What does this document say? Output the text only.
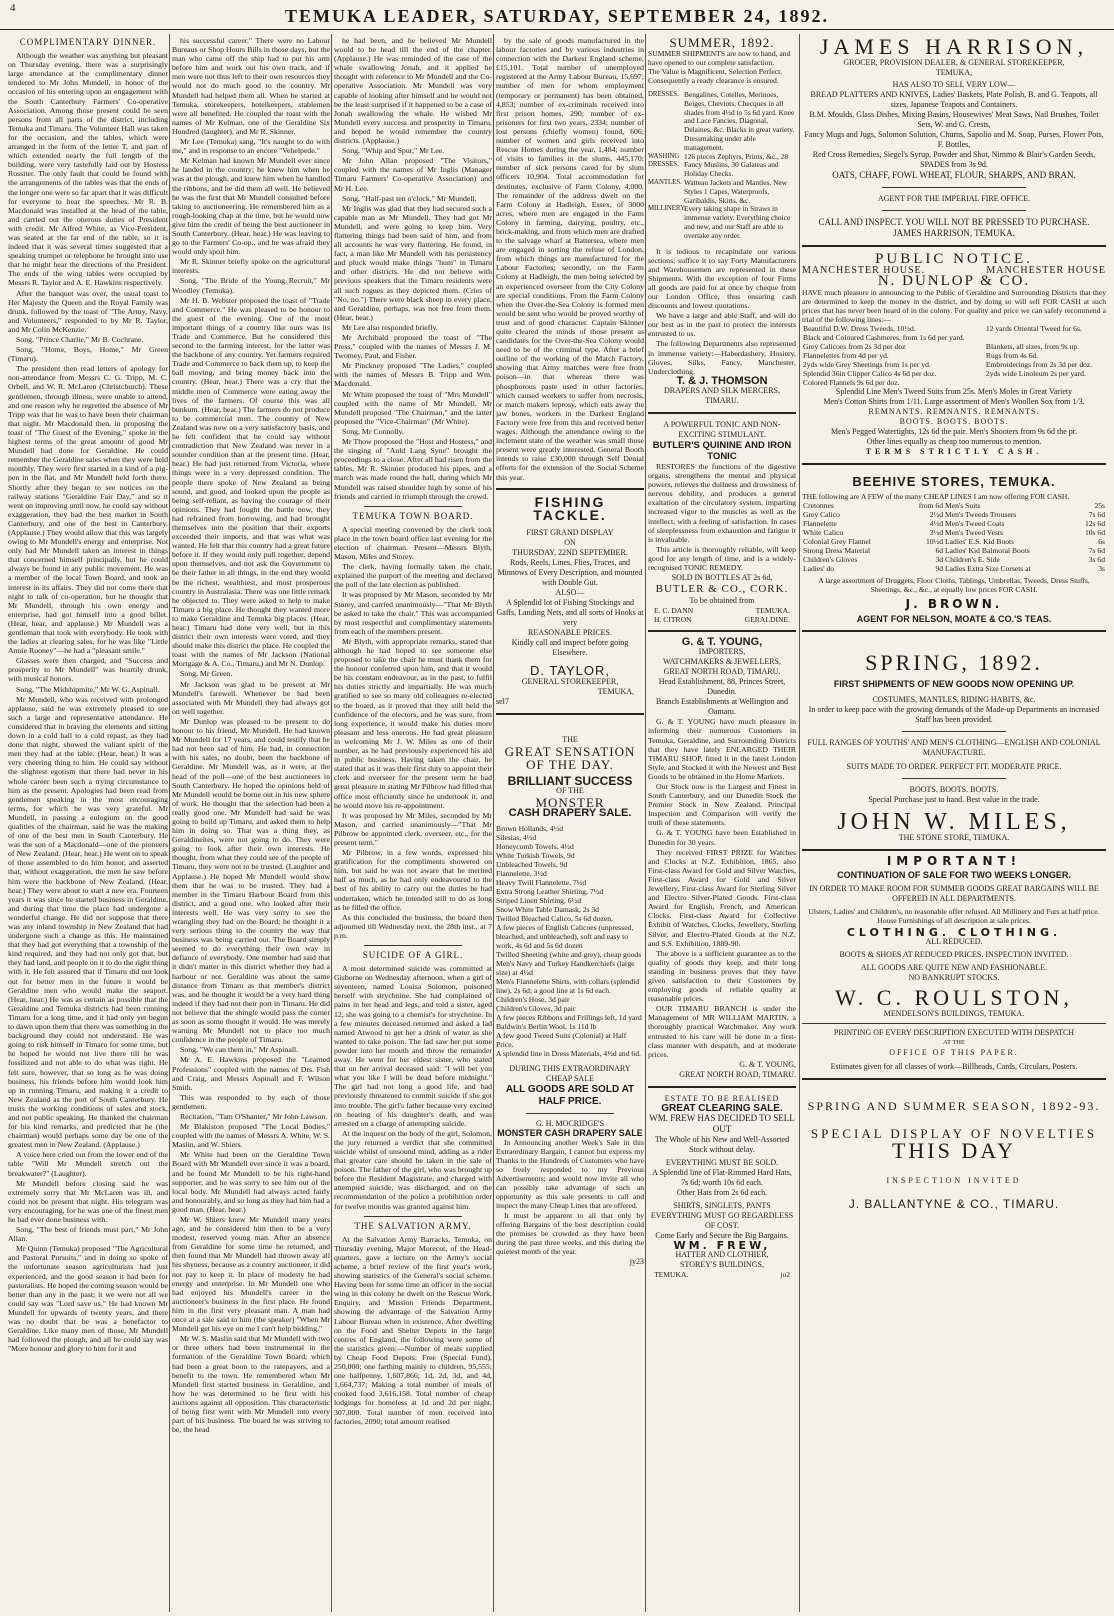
4	TEMUKA LEADER, SATURDAY, SEPTEMBER 24, 1892.
COMPLIMENTARY DINNER.

Although the weather was anything but pleasant on Thursday evening, there was a surprisingly large attendance at the complimentary dinner tendered to Mr John Mundell, in honor of the occasion of his entering upon an engagement with the South Canterbury Farmers' Co-operative Association. Among those present could be seen persons from all parts of the district, including Temuka and Timaru. The Volunteer Hall was taken for the occasion, and the tables, which were arranged in the form of the letter T, and part of which extended nearly the full length of the building, were very tastefully laid out by Hostess Rossiter. The only fault that could be found with the arrangements of the tables was that the ends of the longer one were so far apart that it was difficult for everyone to hear the speeches. Mr R. B. Macdonald was installed at the head of the table, and carried out the onerous duties of President with credit. Mr Alfred White, as Vice-President, was seated at the far end of the table, so it is indeed that it was several times suggested that a speaking trumpet or telephone be brought into use that he might hear the directions of the President. The ends of the wing tables were occupied by Messrs R. Taylor and A. E. Hawkins respectively.

After the banquet was over, the usual toast to Her Majesty the Queen and the Royal Family was drunk, followed by the toast of "The Army, Navy, and Volunteers," responded to by Mr R. Taylor, and Mr Colin McKenzie.

Song, "Prince Charlie," Mr B. Cochrane.

Song, "Home, Boys, Home," Mr Green (Timaru).

The president then read letters of apology for non-attendance from Messrs C. G. Tripp, M. C. Orbell, and W. R. McLaren (Christchurch). These gentlemen, through illness, were unable to attend, and one reason why he regretted the absence of Mr Tripp was that he was to have been their chairman that night. Mr Macdonald then, in proposing the toast of "The Guest of the Evening," spoke in the highest terms of the great amount of good Mr Mundell had done for Geraldine. He could remember the Geraldine sales when they were held monthly. They were first started in a kind of a pig-pen in the flat, and Mr Mundell held forth there. Shortly after they began to see notices on the railway stations "Geraldine Fair Day," and so it went on improving until now, he could say without exaggeration, they had the best market in South Canterbury, and one of the best in Canterbury. (Applause.) They would allow that this was largely owing to Mr Mundell's energy and enterprise. Not only had Mr Mundell taken an interest in things that concerned himself principally, but he could always be found in any public movement. He was a member of the local Town Board, and took an interest in its affairs. They did not come there that night to talk of co-operation, but he thought that Mr Mundell, through his own energy and enterprise, had got himself into a good billet. (Hear, hear, and applause.) Mr Mundell was a gentleman that took with everybody. He took with the ladies at clearing sales, for he was like "Little Annie Rooney"—he had a "pleasant smile."

Glasses were then charged, and "Success and prosperity to Mr Mundell" was heartily drunk, with musical honors.

Song, "The Midshipmite," Mr W. G. Aspinall.

Mr Mundell, who was received with prolonged applause, said he was extremely pleased to see such a large and representative attendance. He considered that in braving the elements and sitting down in a cold hall to a cold repast, as they had done that night, showed the valiant spirit of the men they had at the table. (Hear, hear.) It was a very cheering thing to him. He could say without the slightest egotism that there had never in his whole career been such a trying circumstance to him as the present. Apologies had been read from gentlemen speaking in the most encouraging terms, for which he was very grateful. Mr Mundell, in passing a eulogium on the good qualities of the chairman, said he was the making of one of the best men in South Canterbury. He was the son of a Macdonald—one of the pioneers of New Zealand. (Hear, hear.) He went on to speak of those assembled to do him honor, and asserted that, without exaggeration, the men he saw before him were the backbone of New Zealand. (Hear, hear.) They were about to start a new era. Fourteen years it was since he started business in Geraldine, and during that time the place had undergone a wonderful change. He did not suppose that there was any inland township in New Zealand that had undergone such a change as this. He maintained that they had got everything that a township of the kind required, and they had not only got that, but they had land, and people on it to do the right thing with it. He felt assured that if Timaru did not look out for better men in the future it would be Geraldine men who would make the seaport. (Hear, hear.) He was as certain as possible that the Geraldine and Temuka districts had been running Timaru for a long time, and it had only yet begun to dawn upon them that there was something in the background they could not understand. He was going to risk himself in Timaru for some time, but he hoped he would not live there till he was fossilized and not able to do what was right. He felt sure, however, that so long as he was doing business, his friends before him would look him up in running Timaru, and making it a credit to New Zealand as the port of South Canterbury. He trusts the working conditions of sales and stock, and not public speaking. He thanked the chairman for his kind remarks, and predicted that he (the chairman) would perhaps some day be one of the greatest men in New Zealand. (Applause.)

A voice here cried out from the lower end of the table "Will Mr Mundell stretch out the breakwater?" (Laughter).

Mr Mundell before closing said he was extremely sorry that Mr McLaren was ill, and could not be present that night. His telegram was very encouraging, for he was one of the finest men he had ever done business with.

Song, "The best of friends must part," Mr John Allan.

Mr Quinn (Temuka) proposed "The Agricultural and Pastoral Pursuits," and in doing so spoke of the unfortunate season agriculturists had just experienced, and the good season it had been for pastoralists. He hoped the coming season would be better than any in the past; it we were not all we could say was "Lord save us." He had known Mr Mundell for upwards of twenty years, and there was no doubt that he was a benefactor to Geraldine. Like many men of those, Mr Mundell had followed the plough, and all he could say was "More honour and glory to him for it and

his successful career." There were no Labour Bureaus or Shop Hours Bills in those days, but the man who came off the ship had to put his arm before him and work out his own track, and if men were not thus left to their own resources they would not do much good to the country. Mr Mundell had helped them all. When he started at Temuka, storekeepers, hotelkeepers, stablemen were all benefited. He coupled the toast with the names of Mr Kelman, one of the Geraldine Six Hundred (laughter), and Mr R. Skinner.

Mr Lee (Temuka) sang, "It's naught to do with me," and in response to an encore "Vehelpede."

Mr Kelman had known Mr Mundell ever since he landed in the country; he knew him when he was at the plough, and knew him when he handled the ribbons, and he did them all well. He believed he was the first that Mr Mundell consulted before taking to auctioneering. He remembered him as a rough-looking chap at the time, but he would now give him the credit of being the best auctioneer in South Canterbury. (Hear, hear.) He was leaving to go to the Farmers' Co-op., and he was afraid they would only spoil him.

Mr R. Skinner briefly spoke on the agricultural interests.

Song, "The Bride of the Young Recruit," Mr Woodley (Temuka).

Mr H. B. Webster proposed the toast of "Trade and Commerce." He was pleased to be honour to the guest of the evening. One of the most important things of a country like ours was its Trade and Commerce. But he considered this second to the farming interest, for the latter was the backbone of any country. Yet farmers required Trade and Commerce to back them up, to keep the ball moving, and bring money back into the country. (Hear, hear.) There was a cry that the middle men of Commerce were eating away the lives of the farmers. Of course this was all bunkum. (Hear, hear.) The farmers do not produce to be commercial men. The country of New Zealand was now on a very satisfactory basis, and he felt confident that he could say without contradiction that New Zealand was never in a sounder condition than at the present time. (Hear, hear.) He had just returned from Victoria, where things were in a very depressed condition. The people there spoke of New Zealand as being sound, and good, and looked upon the people as being self-reliant, as having the courage of their opinions. They had fought the battle now, they had refrained from borrowing, and had brought themselves into the position that their exports exceeded their imports, and that was what was wanted. He felt that this country had a great future before it. If they would only pull together, depend upon themselves, and not ask the Government to be their father in all things, in the end they would be the richest, wealthiest, and most prosperous country in Australasia. There was one little remark he objected to. They were asked to help to make Timaru a big place. He thought they wanted more to make Geraldine and Temuka big places. (Hear, hear.) Timaru had done very well, but in this district their own interests were voted, and they should make this district the place. He coupled the toast with the names of Mr Jackson (National Mortgage & A. Co., Timaru,) and Mr N. Dunlop.

Song, Mr Green.

Mr Jackson was glad to be present at Mr Mundell's farewell. Whenever he had been associated with Mr Mundell they had always got on well together.

Mr Dunlop was pleased to be present to do honour to his friend, Mr Mundell. He had known Mr Mundell for 17 years, and could testify that he had not been sad of him. He had, in connection with his sales, no doubt, been the backbone of Geraldine. Mr Mundell was, as it were, at the head of the poll—one of the best auctioneers in South Canterbury. He hoped the opinions held of Mr Mundell would be borne out in his new sphere of work. He thought that the selection had been a really good one. Mr Mundell had said he was going to build up Timaru, and asked them to help him in doing so. That was a thing they, as Geraldineites, were not going to do. They were going to look after their own interests. He thought, from what they could see of the people of Timaru, they were not to be trusted. (Laughter and Applause.) He hoped Mr Mundell would show them that he was to be trusted. They had a member in the Timaru Harbour Board from this district, and a good one, who looked after their interests well. He was very sorry to see the wrangling they had on the Board; he thought it a very serious thing to the country the way that business was being carried out. The Board simply seemed to do everything their own way in defiance of everybody. One member had said that it didn't matter in this district whether they had a harbour or not. Geraldine was about the same distance from Timaru as that member's district was, and he thought it would be a very hard thing indeed if they had not their port in Timaru. He did not believe that the shingle would pass the corner as soon as some thought it would. He was merely warning Mr Mundell not to place too much confidence in the people of Timaru.

Song, "We can them in," Mr Aspinall.

Mr A. E. Hawkins proposed the "Learned Professions" coupled with the names of Drs. Fish and Craig, and Messrs Aspinall and F. Wilson Smith.

This was responded to by each of those gentlemen.

Recitation, "Tam O'Shanter," Mr John Lawson.

Mr Blakiston proposed "The Local Bodies," coupled with the names of Messrs A. White, W. S. Maslin, and W. Shiers.

Mr White had been on the Geraldine Town Board with Mr Mundell ever since it was a board, and he found Mr Mundell to be his right-hand supporter, and he was sorry to see him out of the local body. Mr Mundell had always acted fairly and honourably, and so long as they had him had a good man. (Hear, hear.)

Mr W. Shiers knew Mr Mundell many years ago, and he considered him then to be a very modest, reserved young man. After an absence from Geraldine for some time he returned, and then found that Mr Mundell had thrown away all his shyness, because as a country auctioneer, it did not pay to keep it. In place of modesty he had energy and enterprise. In Mr Mundell one who had enjoyed his Mundell's career in the auctioneer's business in the first place. He found him in the first very pleasant man. A man had once at a sale said to him (the speaker) "When Mr Mundell get his eye on me I can't help bidding."

Mr W. S. Maslin said that Mr Mundell with two or three others had been instrumental in the formation of the Geraldine Town Board, which had been a great boon to the ratepayers, and a benefit to the town. He remembered when Mr Mundell first started business in Geraldine, and how he was determined to be first with his auctions against all opposition. This characteristic of being first went with Mr Mundell into every part of his business. The board he was striving to be, the head

he had been, and he believed Mr Mundell would to be head till the end of the chapter. (Applause.) He was reminded of the case of the whale swallowing Jonah, and it applied he thought with reference to Mr Mundell and the Co-operative Association. Mr Mundell was very capable of looking after himself and he would not be the least surprised if it happened to be a case of Jonah swallowing the whale. He wished Mr Mundell every success and prosperity in Timaru, and hoped he would remember the country districts. (Applause.)

Song, "Whip and Spur," Mr Lee.

Mr John Allan proposed "The Visitors," coupled with the names of Mr Inglis (Manager Timaru Farmers' Co-operative Association) and Mr H. Lee.

Song, "Half-past ten o'clock," Mr Mundell.

Mr Inglis was glad that they had secured such a capable man as Mr Mundell. They had got Mr Mundell, and were going to keep him. Very flattering things had been said of him, and from all accounts he was very flattering. He found, in fact, a man like Mr Mundell with his persistency and pluck would make things "hum" in Timaru and other districts. He did not believe with previous speakers that the Timaru residents were all such rogues as they depicted them. (Cries of "No, no.") There were black sheep in every place, and Geraldine, perhaps, was not free from them. (Hear, hear.)

Mr Lee also responded briefly.

Mr Archibald proposed the toast of "The Press," coupled with the names of Messrs J. M. Twomey, Paul, and Fisher.

Mr Pinckney proposed "The Ladies," coupled with the names of Messrs B. Tripp and Wm. Macdonald.

Mr White proposed the toast of "Mrs Mundell" coupled with the name of Mr Mundell. Mr Mundell proposed "The Chairman," and the latter proposed the "Vice-Chairman" (Mr White).

Song, Mr Connolly.

Mr Thow proposed the "Host and Hostess," and the singing of "Auld Lang Syne" brought the proceedings to a close. After all had risen from the tables, Mr R. Skinner produced his pipes, and a march was made round the hall, during which Mr Mundell was raised shoulder high by some of his friends and carried in triumph through the crowd.

TEMUKA TOWN BOARD.

A special meeting convened by the clerk took place in the town board office last evening for the election of chairman. Present—Messrs Blyth, Mason, Miles and Storey.

The clerk, having formally taken the chair, explained the purport of the meeting and declared the poll of the late election as published.

It was proposed by Mr Mason, seconded by Mr Storey, and carried unanimously—"That Mr Blyth be asked to take the chair." This was accompanied by most respectful and complimentary statements from each of the members present.

Mr Blyth, with appropriate remarks, stated that although he had hoped to see someone else proposed to take the chair he must thank them for the honour conferred upon him, and that it would be his constant endeavour, as in the past, to fulfil his duties strictly and impartially. He was much gratified to see so many old colleagues re-elected to the board, as it proved that they still held the confidence of the electors, and he was sure, from long experience, it would make his duties more pleasant and less onerous. He had great pleasure in welcoming Mr J. W. Miles as one of their number, as he had previously experienced his aid in public business. Having taken the chair, he stated that as it was their first duty to appoint their clerk and overseer for the present term he had great pleasure in stating Mr Pilbrow had filled that office most efficiently since he undertook it, and he would move his re-appointment.

It was proposed by Mr Miles, seconded by Mr Mason, and carried unanimously—"That Mr Pilbrow be appointed clerk, overseer, etc., for the present term."

Mr Pilbrow, in a few words, expressed his gratification for the compliments showered on him, but said he was not aware that he merited half as much, as he had only endeavoured to the best of his ability to carry out the duties he had undertaken, which he intended still to do as long as he filled the office.

As this concluded the business, the board then adjourned till Wednesday next, the 28th inst., at 7 p.m.

SUICIDE OF A GIRL.

A most determined suicide was committed at Gisborne on Wednesday afternoon, when a girl of seventeen, named Louisa Solomon, poisoned herself with strychnine. She had complained of pains in her head and legs, and told a sister, aged 12, she was going to a chemist's for strychnine. In a few minutes deceased returned and asked a lad named Atwood to get her a drink of water as she wanted to take poison. The lad saw her put some powder into her mouth and throw the remainder away. He went for her eldest sister, who stated that on her arrival deceased said: "I will bet you what you like I will be dead before midnight." The girl had not long a good life, and had previously threatened to commit suicide if she got into trouble. The girl's father because very excited on hearing of his daughter's death, and was arrested on a charge of attempting suicide.

At the inquest on the body of the girl, Solomon, the jury returned a verdict that she committed suicide whilst of unsound mind, adding as a rider that greater care should be taken in the sale of poison. The father of the girl, who was brought up before the Resident Magistrate, and charged with attempted suicide, was discharged, and on the recommendation of the police a prohibition order for twelve months was granted against him.

THE SALVATION ARMY.

At the Salvation Army Barracks, Temuka, on Thursday evening, Major Morecot, of the Head-quarters, gave a lecture on the Army's social scheme, a brief review of the first year's work, showing statistics of the General's social scheme. Having been for some time an officer in the social wing in this colony he dwelt on the Rescue Work, Enquiry, and Mission Friends Department, showing the advantage of the Salvation Army Labour Bureau when in existence. After dwelling on the Food and Shelter Depots in the large centres of England, the following were some of the statistics given:—Number of meals supplied by Cheap Food Depots: Free (Special Fund), 250,000; one farthing mainly to children, 95,555; one halfpenny, 1,607,866; 1d, 2d, 3d, and 4d, 1,664,737; Making a total number of meals of cooked food 3,616,158. Total number of cheap lodgings for homeless at 1d and 2d per night, 307,000. Total number of men received into factories, 2090; total amount realised

by the sale of goods manufactured in the labour factories and by various industries in connection with the Darkest England scheme, £15,101. Total number of unemployed registered at the Army Labour Bureau, 15,697; number of men for whom employment (temporary or permanent) has been obtained, 4,853; number of ex-criminals received into first prison homes, 290; number of ex-prisoners for first two years, 2334; number of lost persons (chiefly women) found, 606; number of women and girls received into Rescue Homes during the year, 1,484; number of visits to families in the slums, 445,170; number of sick persons cared for by slum officers 10,904. Total accommodation for destitutes, exclusive of Farm Colony, 4,000. The remainder of the address dwelt on the Farm Colony at Hadleigh, Essex, of 3000 acres, where men are engaged in the Farm Colony in farming, dairying, poultry, etc., brick-making, and from which men are drafted to the salvage wharf at Battersea, where men are engaged in sorting the refuse of London, from which things are manufactured for the Labour Factories; secondly, on the Farm Colony at Hadleigh, the men being selected by an experienced overseer from the City Colony are special conditions. From the Farm Colony when the Over-the-Sea Colony is formed men would be sent who would be proved worthy of trust and of good character. Captain Skinner quite cleared the minds of those present as candidates for the Over-the-Sea Colony would need to be of the criminal type. After a brief outline of the working of the Match Factory, showing that Army matches were free from poison—in that whereas there was phosphorous paste used in other factories, which caused workers to suffer from necrosis, or match makers leprosy, which eats away the jaw bones, workers in the Darkest England Factory were free from this and received better wages. Although the attendance owing to the inclement state of the weather was small those present were greatly interested. General Booth intends to raise £30,000 through Self Denial efforts for the extension of the Social Scheme this year.

FISHING TACKLE.
FIRST GRAND DISPLAY
ON
THURSDAY, 22ND SEPTEMBER.
Rods, Reels, Lines, Flies, Traces, and Minnows of Every Description, and mounted with Double Gut.
ALSO—
A Splendid lot of Fishing Stockings and Gaffs, Landing Nets, and all sorts of Hooks at very
REASONABLE PRICES.
Kindly call and inspect before going Elsewhere.
D. TAYLOR,
GENERAL STOREKEEPER,
TEMUKA,
sel7
THE
GREAT SENSATION
OF THE DAY.
BRILLIANT SUCCESS
OF THE
MONSTER
CASH DRAPERY SALE.
Brown Hollands, 4½d
Silesias, 4½d
Honeycomb Towels, 4½d
White Turkish Towels, 9d
Unbleached Towels, 9d
Flannelette, 3½d
Heavy Twill Flannelette, 7½d
Extra Strong Leather Shirting, 7½d
Striped Linen Shirting, 6½d
Snow White Table Damask, 2s 3d
Twilled Bleached Calico, 5s 6d dozen.
A few pieces of English Calicoes (unpressed, bleached, and unbleached), soft and easy to work, 4s 6d and 5s 6d dozen
Twilled Sheeting (white and grey), cheap goods
Men's Navy and Turkey Handkerchiefs (large size) at 4½d
Men's Flannelette Shirts, with collars (splendid line), 2s 6d; a good line at 1s 6d each.
Children's Hose, 3d pair
Children's Gloves, 3d pair
A few pieces Ribbons and Frillings left, 1d yard
Baldwin's Berlin Wool, 1s 11d lb
A few good Tweed Suits (Colonial) at Half Price.
A splendid line in Dress Materials, 4½d and 6d.
DURING THIS EXTRAORDINARY CHEAP SALE
ALL GOODS ARE SOLD AT HALF PRICE.
G. H. MOCRIDGE'S
MONSTER CASH DRAPERY SALE

In Announcing another Week's Sale in this Extraordinary Bargain, I cannot but express my Thanks to the Hundreds of Customers who have so freely responded to my Previous Advertisements; and would now invite all who can possibly take advantage of such an opportunity as this sale presents to call and inspect the many Cheap Lines that are offered.

It must be apparent to all that only by offering Bargains of the best description could the premises be crowded as they have been during the past three weeks, and this during the quietest month of the year.

jy23
SUMMER, 1892.

SUMMER SHIPMENTS are now to hand, and have opened to our complete satisfaction.

The Value is Magnificent, Selection Perfect.

Consequently a ready clearance is ensured.

DRESSES. Bengalines, Cotelles, Merinoes, Beiges, Cheviots, Checques in all shades from 4½d to 5s 6d yard. Knee and Lace Fancies, Diagonal, Delaines, &c. Blacks in great variety. Dressmaking under able management.
WASHING DRESSES.
126 pieces Zephyrs, Prints, &c., 28 Fancy Muslins, 30 Galateas and Holiday Checks.
MANTLES. Watteau Jackets and Mantles, New Styles 1 Capes, Waterproofs, Garibaldis, Skirts, &c.
MILLINERY.
Every taking shape in Straws in immense variety. Everything choice and new, and our Staff are able to overtake any order.

It is tedious to recapitulate our various sections; suffice it to say Forty Manufacturers and Warehousemen are represented in these Shipments. With the exception of four Firms all goods are paid for at once by cheque from our London Office, thus ensuring cash discounts and lowest quotations.

We have a large and able Staff, and will do our best as in the past to protect the interests entrusted to us.

The following Departments also represented in immense variety:—Haberdashery, Hosiery, Gloves, Silks, Fancy, Manchester, Underclothing.

T. & J. THOMSON
DRAPERS AND SILK MERCERS,
TIMARU.
A POWERFUL TONIC AND NON-EXCITING STIMULANT.
BUTLER'S QUININE AND IRON TONIC

RESTORES the functions of the digestive organs, strengthens the mental and physical powers, relieves the dullness and drowsiness of nervous debility, and produces a general exaltation of the circulatory system, imparting increased vigor to the muscles as well as the intellect, with a feeling of satisfaction. In cases of sleeplessness from exhaustion and fatigue it is invaluable.

This article is thoroughly reliable, will keep good for any length of time, and is a widely-recognised TONIC REMEDY.

SOLD IN BOTTLES AT 2s 6d,
BUTLER & CO., CORK.
To be obtained from
E. C. DANN	TEMUKA.
H. CITRON	GERALDINE.
G. & T. YOUNG,
IMPORTERS,
WATCHMAKERS & JEWELLERS,
GREAT NORTH ROAD, TIMARU.
Head Establishment, 88, Princes Street, Dunedin.
Branch Establishments at Wellington and Oamaru.

G. & T. YOUNG have much pleasure in informing their numerous Customers in Temuka, Geraldine, and Surrounding Districts that they have lately ENLARGED THEIR TIMARU SHOP, fitted it in the latest London Style, and Stocked it with the Newest and Best Goods to be obtained in the Home Markets.

Our Stock now is the Largest and Finest in South Canterbury, and our Dunedin Stock the Premier Stock in New Zealand. Principal Inspection and Comparison will verify the truth of these statements.

G. & T. YOUNG have been Established in Dunedin for 30 years.

They received FIRST PRIZE for Watches and Clocks at N.Z. Exhibition, 1865, also First-class Award for Gold and Silver Watches, First-class Award for Gold and Silver Jewellery, First-class Award for Sterling Silver and Electro Silver-Plated Goods. First-class Award for English, French, and American Clocks. First-class Award for Collective Exhibit of Watches, Clocks, Jewellery, Sterling Silver, and Electro-Plated Goods at the N.Z. and S.S. Exhibition, 1889-90.

The above is a sufficient guarantee as to the quality of goods they keep, and their long standing in business proves that they have given satisfaction to their Customers by employing goods of reliable quality at reasonable prices.

OUR TIMARU BRANCH is under the Management of MR WILLIAM MARTIN, a thoroughly practical Watchmaker. Any work entrusted to his care will be done in a first-class manner with despatch, and at moderate prices.

G. & T. YOUNG,
GREAT NORTH ROAD, TIMARU.
ESTATE TO BE REALISED
GREAT CLEARING SALE.
WM. FREW HAS DECIDED TO SELL OUT
The Whole of his New and Well-Assorted Stock without delay.
EVERYTHING MUST BE SOLD.
A Splendid line of Flat-Rimmed Hard Hats, 7s 6d; worth 10s 6d each.
Other Hats from 2s 6d each.
SHIRTS, SINGLETS, PANTS
EVERYTHING MUST GO REGARDLESS OF COST.
Come Early and Secure the Big Bargains.
WM. FREW,
HATTER AND CLOTHIER,
STOREY'S BUILDINGS,
TEMUKA.	ju2
JAMES HARRISON,
GROCER, PROVISION DEALER, & GENERAL STOREKEEPER,
TEMUKA,
HAS ALSO TO SELL VERY LOW—
BREAD PLATTERS AND KNIVES, Ladies' Baskets, Plate Polish, B. and G. Teapots, all sizes, Japanese Teapots and Containers.
B.M. Moulds, Glass Dishes, Mixing Basins, Housewives' Meat Saws, Nail Brushes, Toilet Sets, W. and G. Crests,
Fancy Mugs and Jugs, Solomon Solution, Churns, Sapolio and M. Soap, Purses, Flower Pots, F. Bottles,
Red Cross Remedies, Siegel's Syrup, Powder and Shot, Nimmo & Blair's Garden Seeds, SPADES from 3s 9d.
OATS, CHAFF, FOWL WHEAT, FLOUR, SHARPS, AND BRAN.
AGENT FOR THE IMPERIAL FIRE OFFICE.
CALL AND INSPECT. YOU WILL NOT BE PRESSED TO PURCHASE.
JAMES HARRISON, TEMUKA.
PUBLIC NOTICE.
MANCHESTER HOUSE.	MANCHESTER HOUSE
N. DUNLOP & CO.

HAVE much pleasure in announcing to the Public of Geraldine and Surrounding Districts that they are determined to keep the money in the district, and by doing so will sell FOR CASH at such prices that has never been heard of in the colony. For quality and price we can safely recommend a trial of the following lines:—

Beautiful D.W. Dress Tweeds, 10½d.	12 yards Oriental Tweed for 6s.
Black and Coloured Cashmeres, from 1s 6d per yard.	
Grey Calicoes from 2s 3d per doz	Blankets, all sizes, from 9s up.
Flannelettes from 4d per yd.	Rugs from 4s 6d.
2yds wide Grey Sheetings from 1s per yd.	Embroiderings from 2s 3d per doz.
Splendid 36in Clipper Calico 4s 6d per doz.	2yds wide Linoleum 2s per yard.
Colored Flannels 9s 6d per doz.	
Splendid Line Men's Tweed Suits from 25s. Men's Moles in Great Variety
Men's Cotton Shirts from 1/11. Large assortment of Men's Woollen Sox from 1/3.
REMNANTS. REMNANTS. REMNANTS.
BOOTS. BOOTS. BOOTS.
Men's Pegged Watertights, 12s 6d the pair. Men's Shooters from 9s 6d the pr.
Other lines equally as cheap too numerous to mention.
TERMS STRICTLY CASH.
BEEHIVE STORES, TEMUKA.

THE following are A FEW of the many CHEAP LINES I am now offering FOR CASH.

Cretonnes	from 6d	Men's Suits	25s
Grey Calico	2½d	Men's Tweeds Trousers	7s 6d
Flannelette	4½d	Men's Tweed Coats	12s 6d
White Calico	3½d	Men's Tweed Vests	10s 6d
Colonial Grey Flannel	10½d	Ladies' E.S. Kid Boots	6s
Strong Dress Material	6d	Ladies' Kid Balmoral Boots	7s 6d
Children's Gloves	3d	Children's E. Side	3s 6d
Ladies' do	9d	Ladies Extra Size Corsets at	3s

A large assortment of Druggets, Floor Cloths, Tablings, Umbrellas, Tweeds, Dress Stuffs, Sheetings, &c., &c., at equally low prices FOR CASH.

J. BROWN.
AGENT FOR NELSON, MOATE & CO.'S TEAS.
SPRING, 1892.
FIRST SHIPMENTS OF NEW GOODS NOW OPENING UP.
COSTUMES, MANTLES, RIDING HABITS, &c.
In order to keep pace with the growing demands of the Made-up Departments an increased Staff has been provided.
FULL RANGES OF YOUTHS' AND MEN'S CLOTHING—ENGLISH AND COLONIAL MANUFACTURE.
SUITS MADE TO ORDER. PERFECT FIT. MODERATE PRICE.
BOOTS. BOOTS. BOOTS.
Special Purchase just to hand. Best value in the trade.
JOHN W. MILES,
THE STONE STORE, TEMUKA.
IMPORTANT!
CONTINUATION OF SALE FOR TWO WEEKS LONGER.
IN ORDER TO MAKE ROOM FOR SUMMER GOODS GREAT BARGAINS WILL BE OFFERED IN ALL DEPARTMENTS.

Ulsters, Ladies' and Children's, no reasonable offer refused. All Millinery and Furs at half price. House Furnishings of all description at sale prices.

CLOTHING. CLOTHING.
ALL REDUCED.
BOOTS & SHOES AT REDUCED PRICES. INSPECTION INVITED.
ALL GOODS ARE QUITE NEW AND FASHIONABLE.
NO BANKRUPT STOCKS.
W. C. ROULSTON,
MENDELSON'S BUILDINGS, TEMUKA.
PRINTING OF EVERY DESCRIPTION EXECUTED WITH DESPATCH
AT THE
OFFICE OF THIS PAPER.
Estimates given for all classes of work—Billheads, Cards, Circulars, Posters.
SPRING AND SUMMER SEASON, 1892-93.
SPECIAL DISPLAY OF NOVELTIES
THIS DAY
INSPECTION INVITED
J. BALLANTYNE & CO., TIMARU.
